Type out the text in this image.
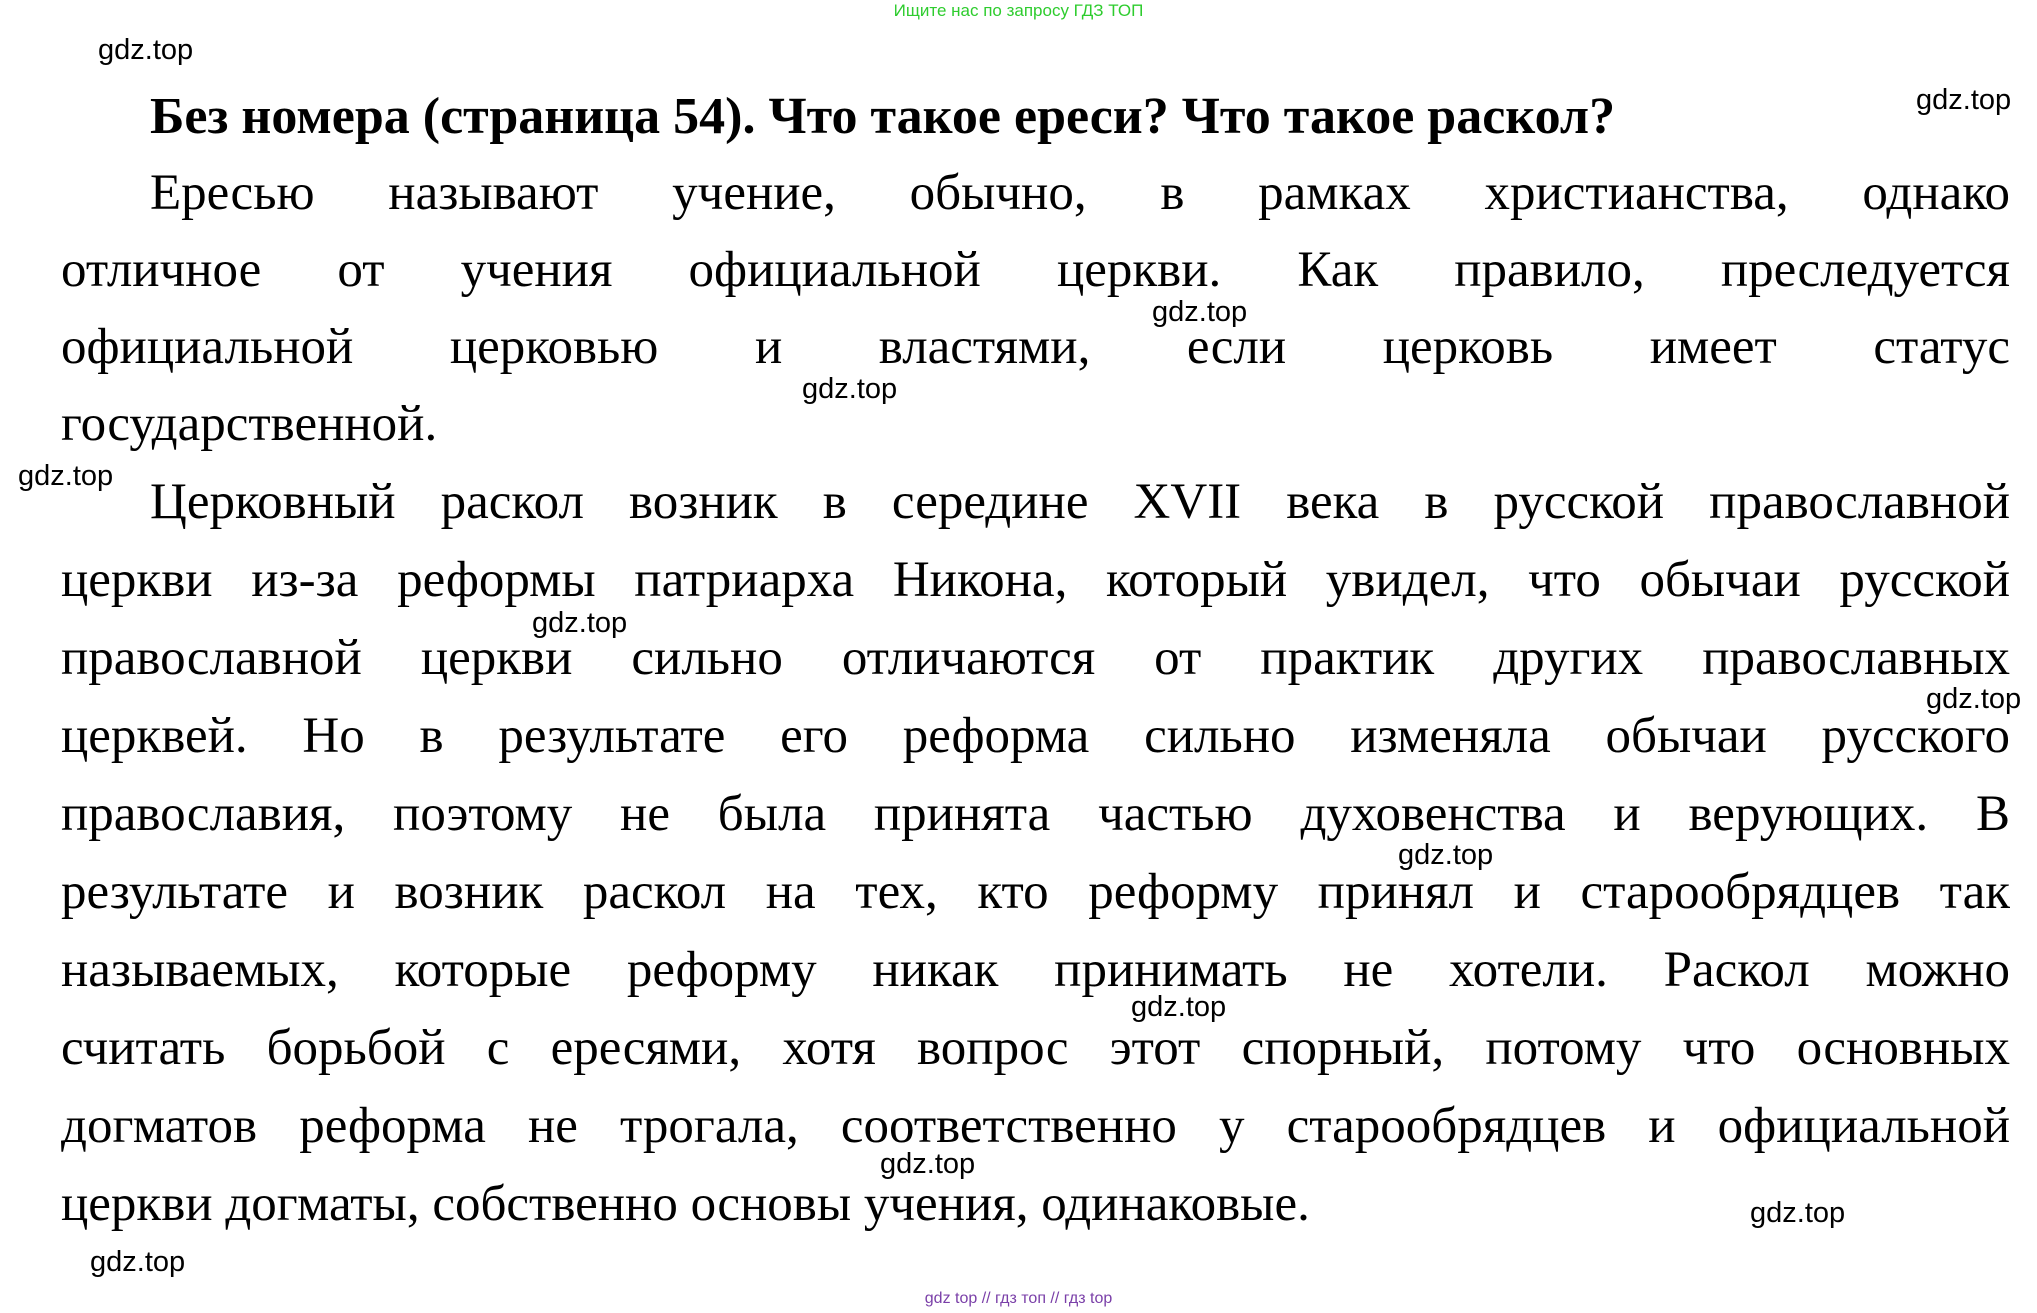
Ищите нас по запросу ГДЗ ТОП
Без номера (страница 54). Что такое ереси? Что такое раскол?
Ересью называют учение, обычно, в рамках христианства, однако
отличное от учения официальной церкви. Как правило, преследуется
официальной церковью и властями, если церковь имеет статус
государственной.
Церковный раскол возник в середине XVII века в русской православной
церкви из-за реформы патриарха Никона, который увидел, что обычаи русской
православной церкви сильно отличаются от практик других православных
церквей. Но в результате его реформа сильно изменяла обычаи русского
православия, поэтому не была принята частью духовенства и верующих. В
результате и возник раскол на тех, кто реформу принял и старообрядцев так
называемых, которые реформу никак принимать не хотели. Раскол можно
считать борьбой с ересями, хотя вопрос этот спорный, потому что основных
догматов реформа не трогала, соответственно у старообрядцев и официальной
церкви догматы, собственно основы учения, одинаковые.
gdz.top
gdz.top
gdz.top
gdz.top
gdz.top
gdz.top
gdz.top
gdz.top
gdz.top
gdz.top
gdz.top
gdz.top
gdz top // гдз топ // гдз top
